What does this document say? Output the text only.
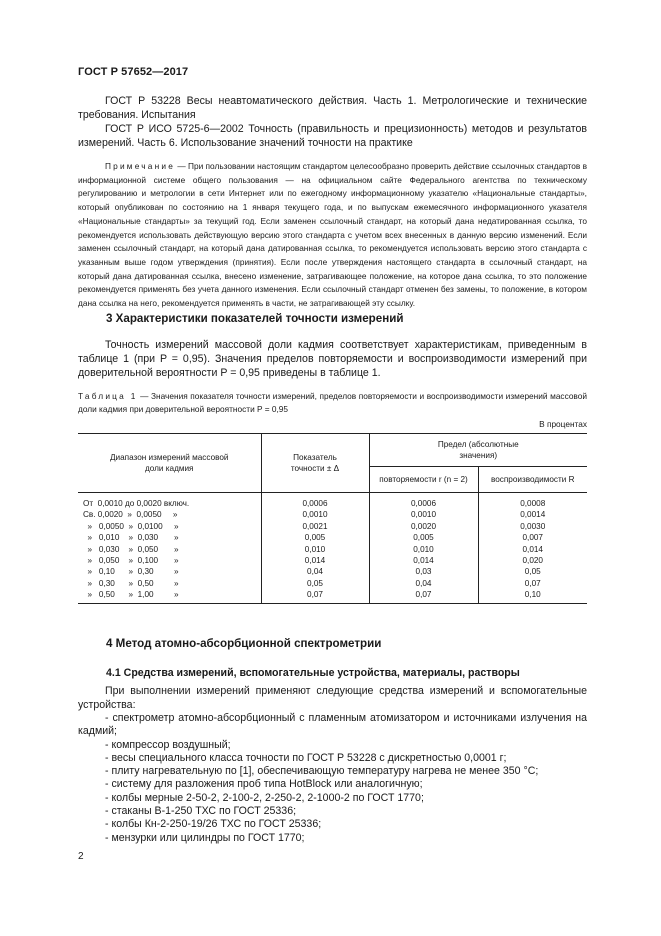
ГОСТ Р 57652—2017

ГОСТ Р 53228 Весы неавтоматического действия. Часть 1. Метрологические и технические требования. Испытания

ГОСТ Р ИСО 5725-6—2002 Точность (правильность и прецизионность) методов и результатов измерений. Часть 6. Использование значений точности на практике

Примечание — При пользовании настоящим стандартом целесообразно проверить действие ссылочных стандартов в информационной системе общего пользования — на официальном сайте Федерального агентства по техническому регулированию и метрологии в сети Интернет или по ежегодному информационному указателю «Национальные стандарты», который опубликован по состоянию на 1 января текущего года, и по выпускам ежемесячного информационного указателя «Национальные стандарты» за текущий год. Если заменен ссылочный стандарт, на который дана недатированная ссылка, то рекомендуется использовать действующую версию этого стандарта с учетом всех внесенных в данную версию изменений. Если заменен ссылочный стандарт, на который дана датированная ссылка, то рекомендуется использовать версию этого стандарта с указанным выше годом утверждения (принятия). Если после утверждения настоящего стандарта в ссылочный стандарт, на который дана датированная ссылка, внесено изменение, затрагивающее положение, на которое дана ссылка, то это положение рекомендуется применять без учета данного изменения. Если ссылочный стандарт отменен без замены, то положение, в котором дана ссылка на него, рекомендуется применять в части, не затрагивающей эту ссылку.

3 Характеристики показателей точности измерений

Точность измерений массовой доли кадмия соответствует характеристикам, приведенным в таблице 1 (при P = 0,95). Значения пределов повторяемости и воспроизводимости измерений при доверительной вероятности P = 0,95 приведены в таблице 1.

Таблица 1 — Значения показателя точности измерений, пределов повторяемости и воспроизводимости измерений массовой доли кадмия при доверительной вероятности P = 0,95

В процентах

Диапазон измерений массовой доли кадмия	Показатель точности ± Δ	Предел (абсолютные значения)	
		повторяемости r (n = 2)	воспроизводимости R
От  0,0010 до 0,0020 включ.	0,0006	0,0006	0,0008
Св. 0,0020  »  0,0050     »	0,0010	0,0010	0,0014
»   0,0050  »  0,0100     »	0,0021	0,0020	0,0030
»   0,010    »  0,030       »	0,005	0,005	0,007
»   0,030    »  0,050       »	0,010	0,010	0,014
»   0,050    »  0,100       »	0,014	0,014	0,020
»   0,10      »  0,30         »	0,04	0,03	0,05
»   0,30      »  0,50         »	0,05	0,04	0,07
»   0,50      »  1,00         »	0,07	0,07	0,10
4 Метод атомно-абсорбционной спектрометрии

4.1 Средства измерений, вспомогательные устройства, материалы, растворы

При выполнении измерений применяют следующие средства измерений и вспомогательные устройства:

- спектрометр атомно-абсорбционный с пламенным атомизатором и источниками излучения на кадмий;
- компрессор воздушный;
- весы специального класса точности по ГОСТ Р 53228 с дискретностью 0,0001 г;
- плиту нагревательную по [1], обеспечивающую температуру нагрева не менее 350 °С;
- систему для разложения проб типа HotBlock или аналогичную;
- колбы мерные 2-50-2, 2-100-2, 2-250-2, 2-1000-2 по ГОСТ 1770;
- стаканы В-1-250 ТХС по ГОСТ 25336;
- колбы Кн-2-250-19/26 ТХС по ГОСТ 25336;
- мензурки или цилиндры по ГОСТ 1770;
2
